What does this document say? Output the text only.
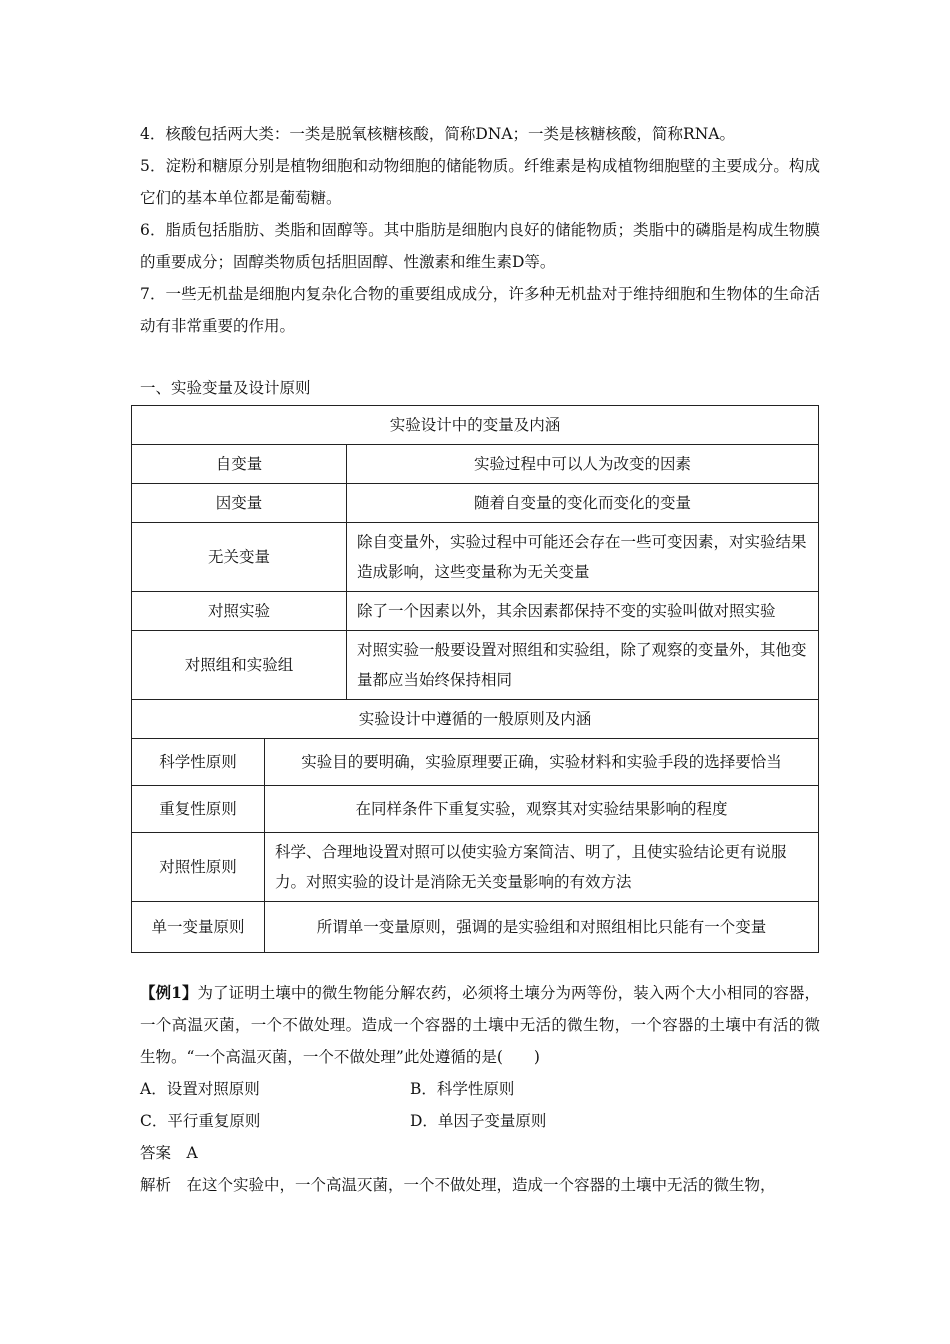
4．核酸包括两大类：一类是脱氧核糖核酸，简称DNA；一类是核糖核酸，简称RNA。

5．淀粉和糖原分别是植物细胞和动物细胞的储能物质。纤维素是构成植物细胞壁的主要成分。构成它们的基本单位都是葡萄糖。

6．脂质包括脂肪、类脂和固醇等。其中脂肪是细胞内良好的储能物质；类脂中的磷脂是构成生物膜的重要成分；固醇类物质包括胆固醇、性激素和维生素D等。

7．一些无机盐是细胞内复杂化合物的重要组成成分，许多种无机盐对于维持细胞和生物体的生命活动有非常重要的作用。

一、实验变量及设计原则
实验设计中的变量及内涵	
自变量	实验过程中可以人为改变的因素
因变量	随着自变量的变化而变化的变量
无关变量	除自变量外，实验过程中可能还会存在一些可变因素，对实验结果造成影响，这些变量称为无关变量
对照实验	除了一个因素以外，其余因素都保持不变的实验叫做对照实验
对照组和实验组	对照实验一般要设置对照组和实验组，除了观察的变量外，其他变量都应当始终保持相同
实验设计中遵循的一般原则及内涵	
科学性原则	实验目的要明确，实验原理要正确，实验材料和实验手段的选择要恰当
重复性原则	在同样条件下重复实验，观察其对实验结果影响的程度
对照性原则	科学、合理地设置对照可以使实验方案简洁、明了，且使实验结论更有说服力。对照实验的设计是消除无关变量影响的有效方法
单一变量原则	所谓单一变量原则，强调的是实验组和对照组相比只能有一个变量

【例1】为了证明土壤中的微生物能分解农药，必须将土壤分为两等份，装入两个大小相同的容器，一个高温灭菌，一个不做处理。造成一个容器的土壤中无活的微生物，一个容器的土壤中有活的微生物。“一个高温灭菌，一个不做处理”此处遵循的是(　　)

A．设置对照原则	B．科学性原则
C．平行重复原则	D．单因子变量原则

答案　A

解析　在这个实验中，一个高温灭菌，一个不做处理，造成一个容器的土壤中无活的微生物，
